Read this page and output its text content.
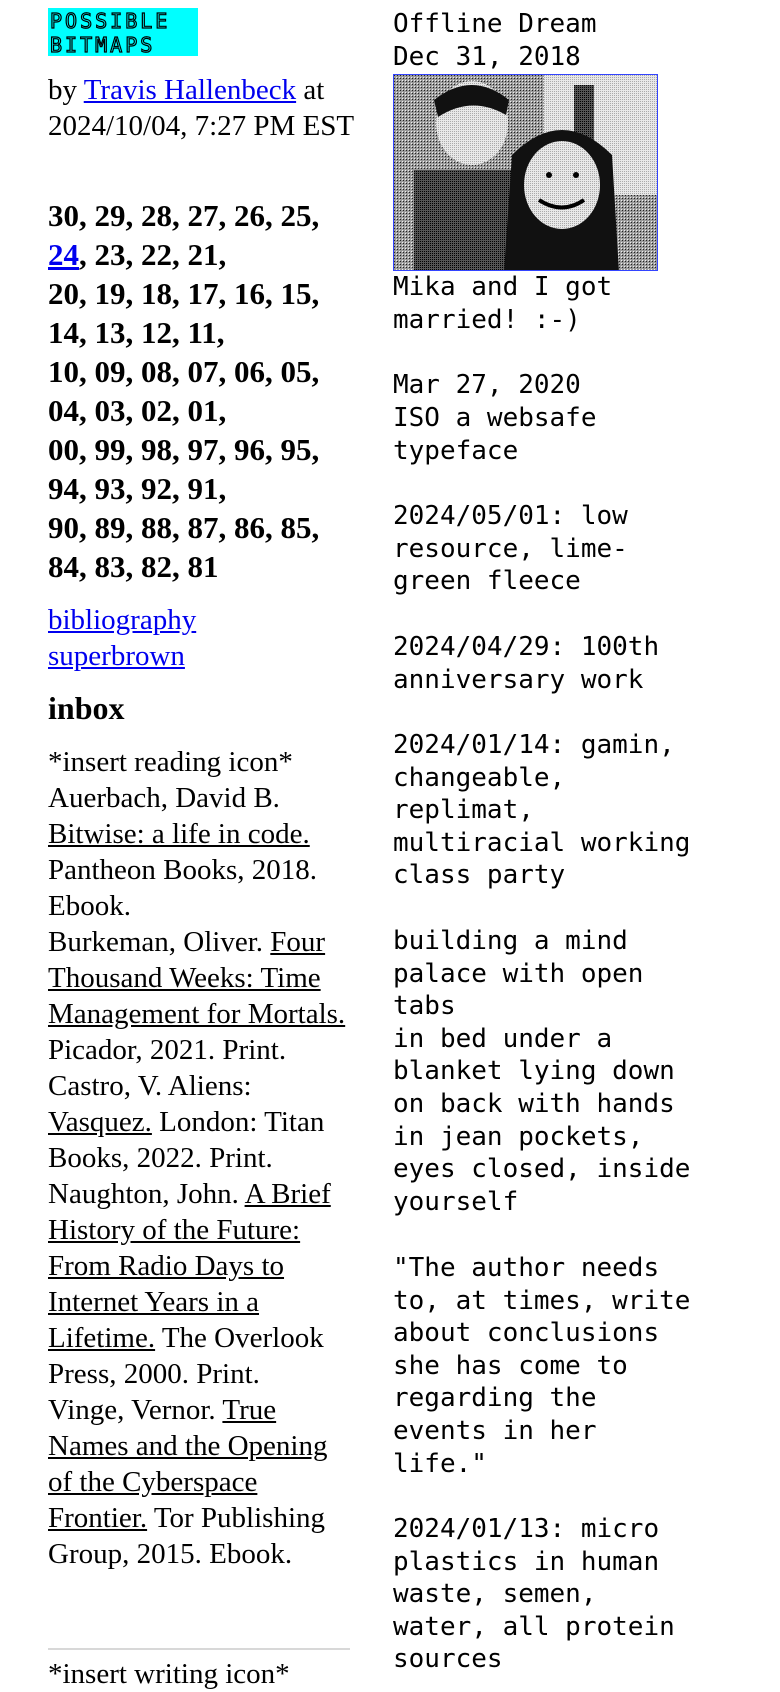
POSSIBLE
BITMAPS
by Travis Hallenbeck at 2024/10/04, 7:27 PM EST
30, 29, 28, 27, 26, 25,
24, 23, 22, 21,
20, 19, 18, 17, 16, 15,
14, 13, 12, 11,
10, 09, 08, 07, 06, 05,
04, 03, 02, 01,
00, 99, 98, 97, 96, 95,
94, 93, 92, 91,
90, 89, 88, 87, 86, 85,
84, 83, 82, 81
bibliography
superbrown
inbox
*insert reading icon*
Auerbach, David B. Bitwise: a life in code. Pantheon Books, 2018. Ebook.
Burkeman, Oliver. Four Thousand Weeks: Time Management for Mortals. Picador, 2021. Print.
Castro, V. Aliens: Vasquez. London: Titan Books, 2022. Print.
Naughton, John. A Brief History of the Future: From Radio Days to Internet Years in a Lifetime. The Overlook Press, 2000. Print.
Vinge, Vernor. True Names and the Opening of the Cyberspace Frontier. Tor Publishing Group, 2015. Ebook.
*insert writing icon*
Offline Dream
Dec 31, 2018
Mika and I got
married! :-)
Mar 27, 2020
ISO a websafe
typeface
2024/05/01: low
resource, lime-
green fleece
2024/04/29: 100th
anniversary work
2024/01/14: gamin,
changeable,
replimat,
multiracial working
class party
building a mind
palace with open
tabs
in bed under a
blanket lying down
on back with hands
in jean pockets,
eyes closed, inside
yourself
"The author needs
to, at times, write
about conclusions
she has come to
regarding the
events in her
life."
2024/01/13: micro
plastics in human
waste, semen,
water, all protein
sources
